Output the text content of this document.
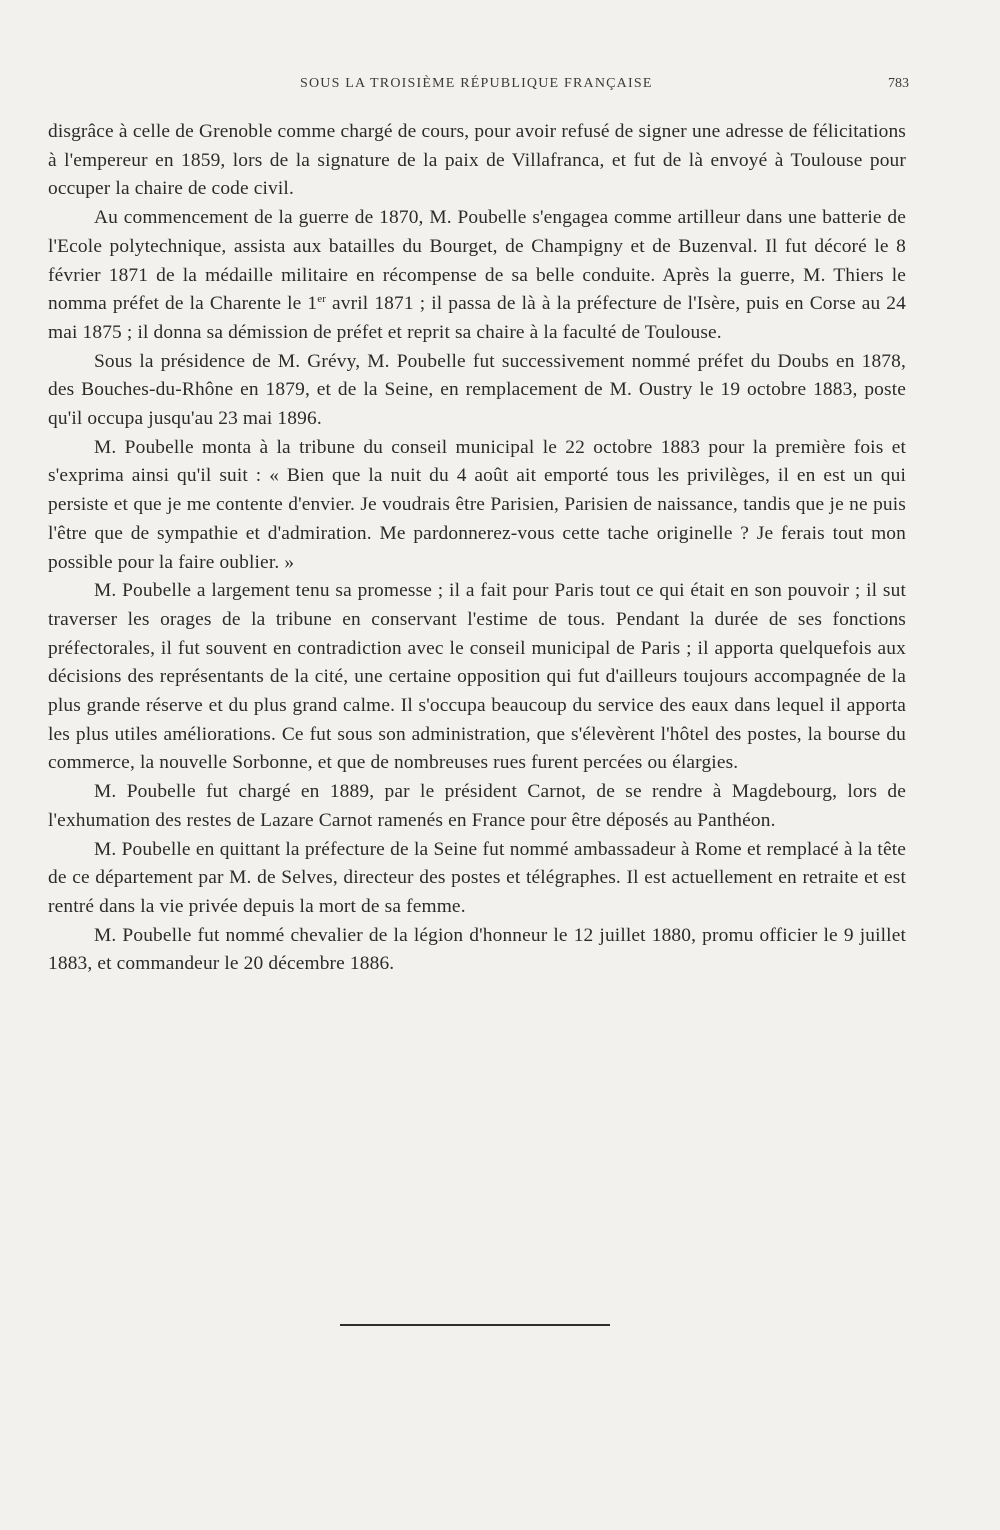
SOUS LA TROISIÈME RÉPUBLIQUE FRANÇAISE	783

disgrâce à celle de Grenoble comme chargé de cours, pour avoir refusé de signer une adresse de félicitations à l'empereur en 1859, lors de la signature de la paix de Villafranca, et fut de là envoyé à Toulouse pour occuper la chaire de code civil.

Au commencement de la guerre de 1870, M. Poubelle s'engagea comme artilleur dans une batterie de l'Ecole polytechnique, assista aux batailles du Bourget, de Champigny et de Buzenval. Il fut décoré le 8 février 1871 de la médaille militaire en récompense de sa belle conduite. Après la guerre, M. Thiers le nomma préfet de la Charente le 1er avril 1871 ; il passa de là à la préfecture de l'Isère, puis en Corse au 24 mai 1875 ; il donna sa démission de préfet et reprit sa chaire à la faculté de Toulouse.

Sous la présidence de M. Grévy, M. Poubelle fut successivement nommé préfet du Doubs en 1878, des Bouches-du-Rhône en 1879, et de la Seine, en remplacement de M. Oustry le 19 octobre 1883, poste qu'il occupa jusqu'au 23 mai 1896.

M. Poubelle monta à la tribune du conseil municipal le 22 octobre 1883 pour la première fois et s'exprima ainsi qu'il suit : « Bien que la nuit du 4 août ait emporté tous les privilèges, il en est un qui persiste et que je me contente d'envier. Je voudrais être Parisien, Parisien de naissance, tandis que je ne puis l'être que de sympathie et d'admiration. Me pardonnerez-vous cette tache originelle ? Je ferais tout mon possible pour la faire oublier. »

M. Poubelle a largement tenu sa promesse ; il a fait pour Paris tout ce qui était en son pouvoir ; il sut traverser les orages de la tribune en conservant l'estime de tous. Pendant la durée de ses fonctions préfectorales, il fut souvent en contradiction avec le conseil municipal de Paris ; il apporta quelquefois aux décisions des représentants de la cité, une certaine opposition qui fut d'ailleurs toujours accompagnée de la plus grande réserve et du plus grand calme. Il s'occupa beaucoup du service des eaux dans lequel il apporta les plus utiles améliorations. Ce fut sous son administration, que s'élevèrent l'hôtel des postes, la bourse du commerce, la nouvelle Sorbonne, et que de nombreuses rues furent percées ou élargies.

M. Poubelle fut chargé en 1889, par le président Carnot, de se rendre à Magdebourg, lors de l'exhumation des restes de Lazare Carnot ramenés en France pour être déposés au Panthéon.

M. Poubelle en quittant la préfecture de la Seine fut nommé ambassadeur à Rome et remplacé à la tête de ce département par M. de Selves, directeur des postes et télégraphes. Il est actuellement en retraite et est rentré dans la vie privée depuis la mort de sa femme.

M. Poubelle fut nommé chevalier de la légion d'honneur le 12 juillet 1880, promu officier le 9 juillet 1883, et commandeur le 20 décembre 1886.
